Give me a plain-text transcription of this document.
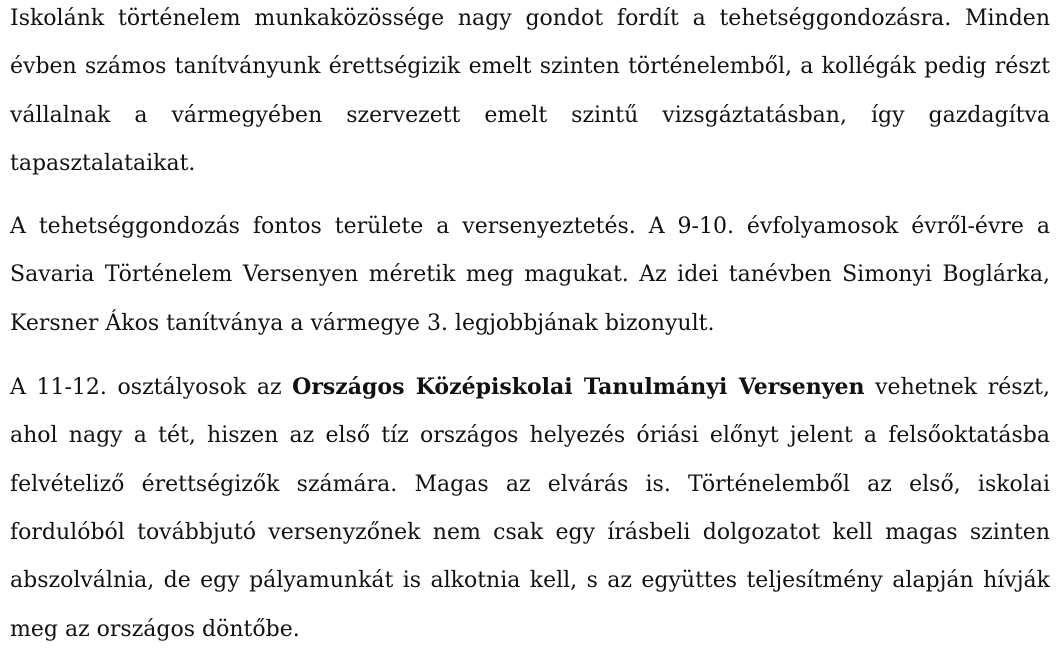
Iskolánk történelem munkaközössége nagy gondot fordít a tehetséggondozásra. Minden évben számos tanítványunk érettségizik emelt szinten történelemből, a kollégák pedig részt vállalnak a vármegyében szervezett emelt szintű vizsgáztatásban, így gazdagítva tapasztalataikat.

A tehetséggondozás fontos területe a versenyeztetés. A 9-10. évfolyamosok évről-évre a Savaria Történelem Versenyen méretik meg magukat. Az idei tanévben Simonyi Boglárka, Kersner Ákos tanítványa a vármegye 3. legjobbjának bizonyult.

A 11-12. osztályosok az Országos Középiskolai Tanulmányi Versenyen vehetnek részt, ahol nagy a tét, hiszen az első tíz országos helyezés óriási előnyt jelent a felsőoktatásba felvételiző érettségizők számára. Magas az elvárás is. Történelemből az első, iskolai fordulóból továbbjutó versenyzőnek nem csak egy írásbeli dolgozatot kell magas szinten abszolválnia, de egy pályamunkát is alkotnia kell, s az együttes teljesítmény alapján hívják meg az országos döntőbe.
